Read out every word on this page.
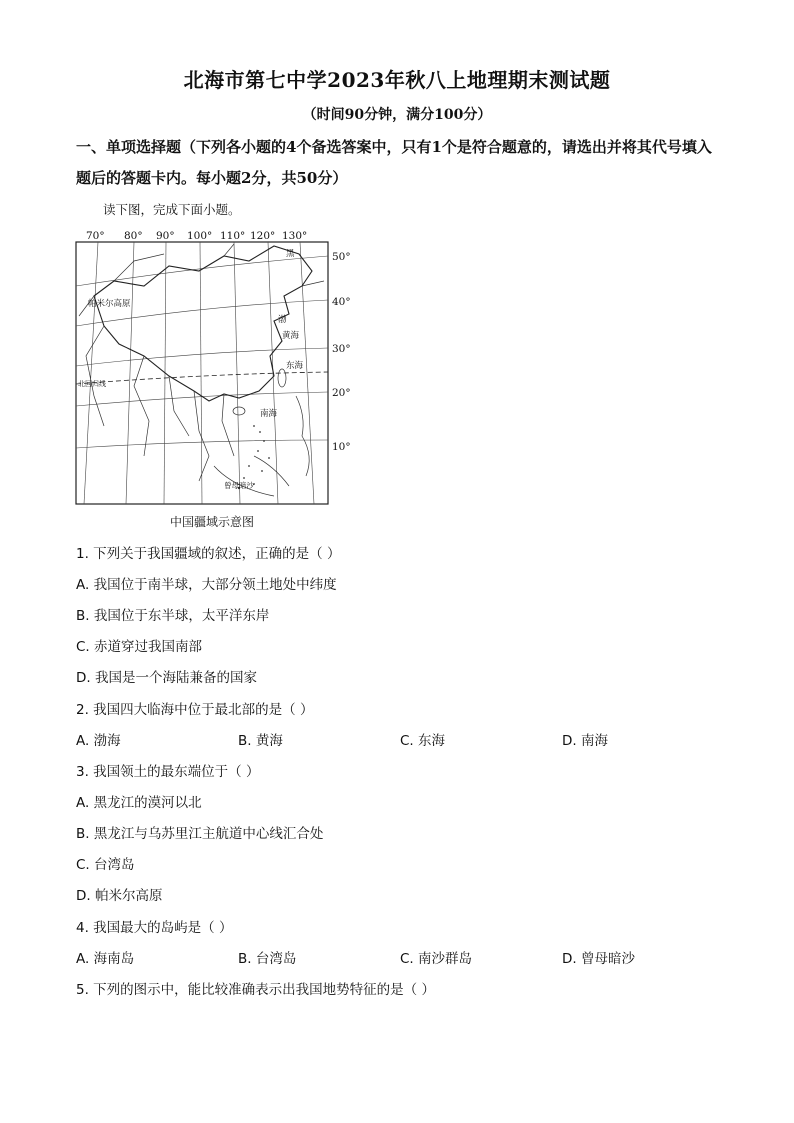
北海市第七中学2023年秋八上地理期末测试题
（时间90分钟，满分100分）
一、单项选择题（下列各小题的4个备选答案中，只有1个是符合题意的，请选出并将其代号填入题后的答题卡内。每小题2分，共50分）
读下图，完成下面小题。
70° 80° 90° 100° 110° 120° 130°
50°
40°
30°
20°
10°
帕米尔高原
北回归线
黄海
东海
南海
渤
黑
曾母暗沙
中国疆域示意图
1. 下列关于我国疆域的叙述，正确的是（ ）
A. 我国位于南半球，大部分领土地处中纬度
B. 我国位于东半球，太平洋东岸
C. 赤道穿过我国南部
D. 我国是一个海陆兼备的国家
2. 我国四大临海中位于最北部的是（ ）
A. 渤海	B. 黄海	C. 东海	D. 南海
3. 我国领土的最东端位于（ ）
A. 黑龙江的漠河以北
B. 黑龙江与乌苏里江主航道中心线汇合处
C. 台湾岛
D. 帕米尔高原
4. 我国最大的岛屿是（ ）
A. 海南岛	B. 台湾岛	C. 南沙群岛	D. 曾母暗沙
5. 下列的图示中，能比较准确表示出我国地势特征的是（ ）
